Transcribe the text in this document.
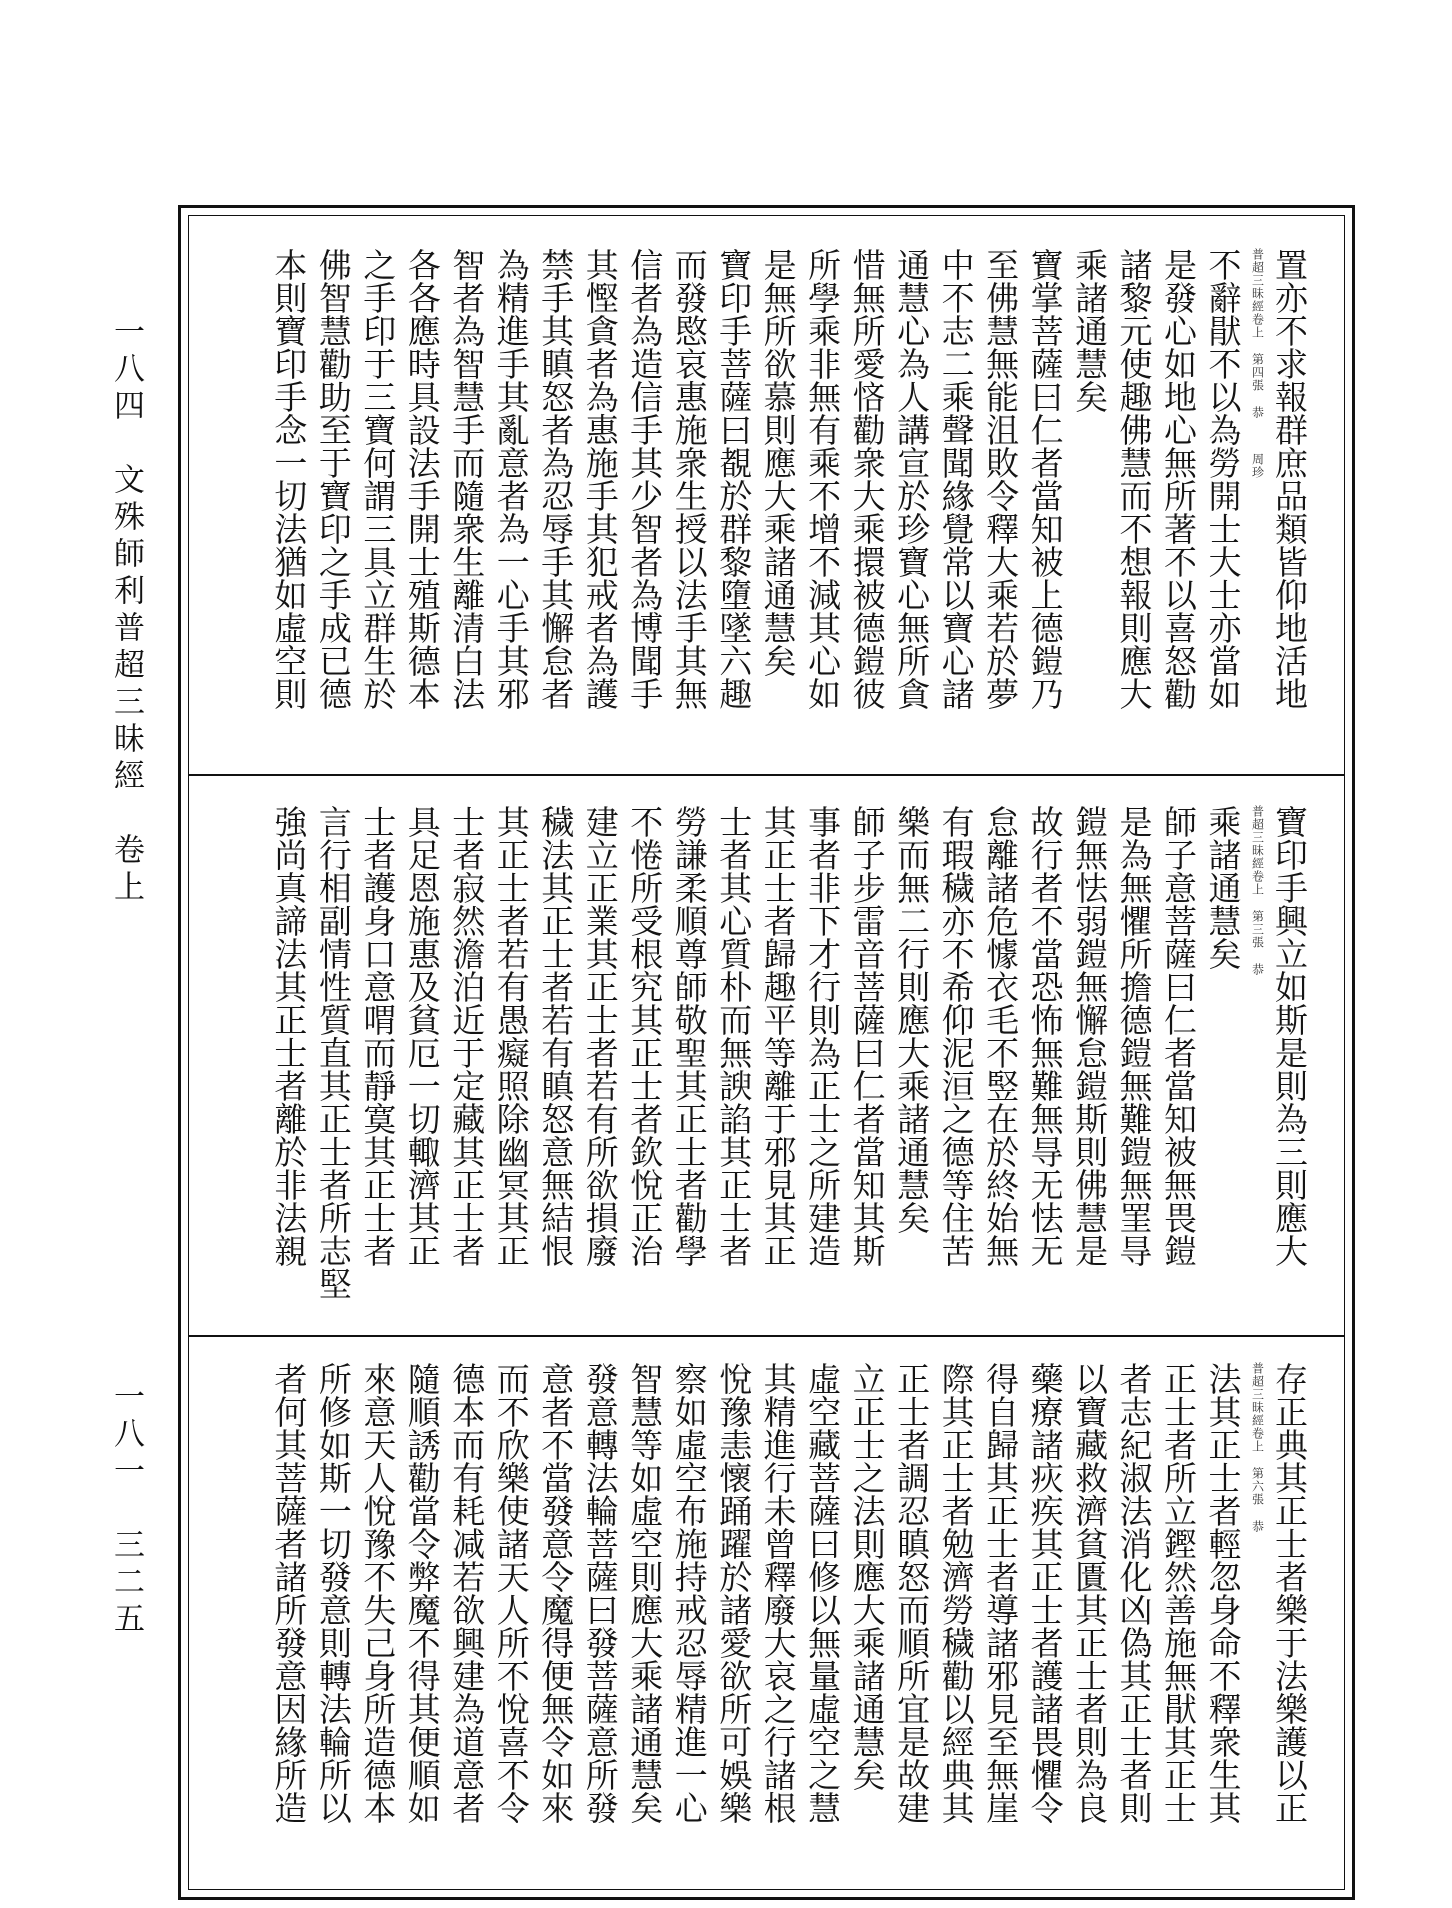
一八四　文殊師利普超三昧經　卷上
一八一　三二五
置亦不求報群庶品類皆仰地活地
普超三昧經卷上第四張恭周珍
不辭猒不以為勞開士大士亦當如
是發心如地心無所著不以喜怒勸
諸黎元使趣佛慧而不想報則應大
乘諸通慧矣
寶掌菩薩曰仁者當知被上德鎧乃
至佛慧無能沮敗令釋大乘若於夢
中不志二乘聲聞緣覺常以寶心諸
通慧心為人講宣於珍寶心無所貪
惜無所愛悋勸衆大乘擐被德鎧彼
所學乘非無有乘不增不減其心如
是無所欲慕則應大乘諸通慧矣
寶印手菩薩曰覩於群黎墮墜六趣
而發愍哀惠施衆生授以法手其無
信者為造信手其少智者為博聞手
其慳貪者為惠施手其犯戒者為護
禁手其瞋怒者為忍辱手其懈怠者
為精進手其亂意者為一心手其邪
智者為智慧手而隨衆生離清白法
各各應時具設法手開士殖斯德本
之手印于三寶何謂三具立群生於
佛智慧勸助至于寶印之手成已德
本則寶印手念一切法猶如虛空則
寶印手興立如斯是則為三則應大
普超三昧經卷上第三張恭
乘諸通慧矣
師子意菩薩曰仁者當知被無畏鎧
是為無懼所擔德鎧無難鎧無罣㝵
鎧無怯弱鎧無懈怠鎧斯則佛慧是
故行者不當恐怖無難無㝵无怯无
怠離諸危懅衣毛不竪在於終始無
有瑕穢亦不希仰泥洹之德等住苦
樂而無二行則應大乘諸通慧矣
師子步雷音菩薩曰仁者當知其斯
事者非下才行則為正士之所建造
其正士者歸趣平等離于邪見其正
士者其心質朴而無諛諂其正士者
勞謙柔順尊師敬聖其正士者勸學
不惓所受根究其正士者欽悅正治
建立正業其正士者若有所欲損廢
穢法其正士者若有瞋怒意無結恨
其正士者若有愚癡照除幽冥其正
士者寂然澹泊近于定藏其正士者
具足恩施惠及貧厄一切輙濟其正
士者護身口意喟而靜寞其正士者
言行相副情性質直其正士者所志堅
強尚真諦法其正士者離於非法親
存正典其正士者樂于法樂護以正
普超三昧經卷上第六張恭
法其正士者輕忽身命不釋衆生其
正士者所立鏗然善施無猒其正士
者志紀淑法消化凶偽其正士者則
以寶藏救濟貧匱其正士者則為良
藥療諸疢疾其正士者護諸畏懼令
得自歸其正士者導諸邪見至無崖
際其正士者勉濟勞穢勸以經典其
正士者調忍瞋怒而順所宜是故建
立正士之法則應大乘諸通慧矣
虛空藏菩薩曰修以無量虛空之慧
其精進行未曾釋廢大哀之行諸根
悅豫恚懷踊躍於諸愛欲所可娛樂
察如虛空布施持戒忍辱精進一心
智慧等如虛空則應大乘諸通慧矣
發意轉法輪菩薩曰發菩薩意所發
意者不當發意令魔得便無令如來
而不欣樂使諸天人所不悅喜不令
德本而有耗减若欲興建為道意者
隨順誘勸當令弊魔不得其便順如
來意天人悅豫不失己身所造德本
所修如斯一切發意則轉法輪所以
者何其菩薩者諸所發意因緣所造
